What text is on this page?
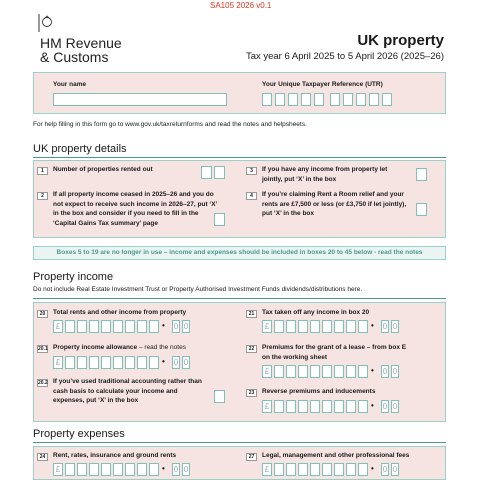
SA105 2026 v0.1
HM Revenue
& Customs
UK property
Tax year 6 April 2025 to 5 April 2026 (2025–26)
Your name	Your Unique Taxpayer Reference (UTR)
For help filling in this form go to www.gov.uk/taxreturnforms and read the notes and helpsheets.
UK property details
1	Number of properties rented out
2	If all property income ceased in 2025–26 and you do not expect to receive such income in 2026–27, put ‘X’ in the box and consider if you need to fill in the ‘Capital Gains Tax summary’ page
3	If you have any income from property let jointly, put ‘X’ in the box
4	If you’re claiming Rent a Room relief and your rents are £7,500 or less (or £3,750 if let jointly), put ‘X’ in the box
Boxes 5 to 19 are no longer in use – income and expenses should be included in boxes 20 to 45 below - read the notes
Property income
Do not include Real Estate Investment Trust or Property Authorised Investment Funds dividends/distributions here.
20	Total rents and other income from property
£	• 0 0
20.1 Property income allowance – read the notes
£	• 0 0
20.2 If you’ve used traditional accounting rather than cash basis to calculate your income and expenses, put ‘X’ in the box
21	Tax taken off any income in box 20
£	• 0 0
22	Premiums for the grant of a lease – from box E on the working sheet
£	• 0 0
23	Reverse premiums and inducements
£	• 0 0
Property expenses
24	Rent, rates, insurance and ground rents
£	• 0 0
27	Legal, management and other professional fees
£	• 0 0
